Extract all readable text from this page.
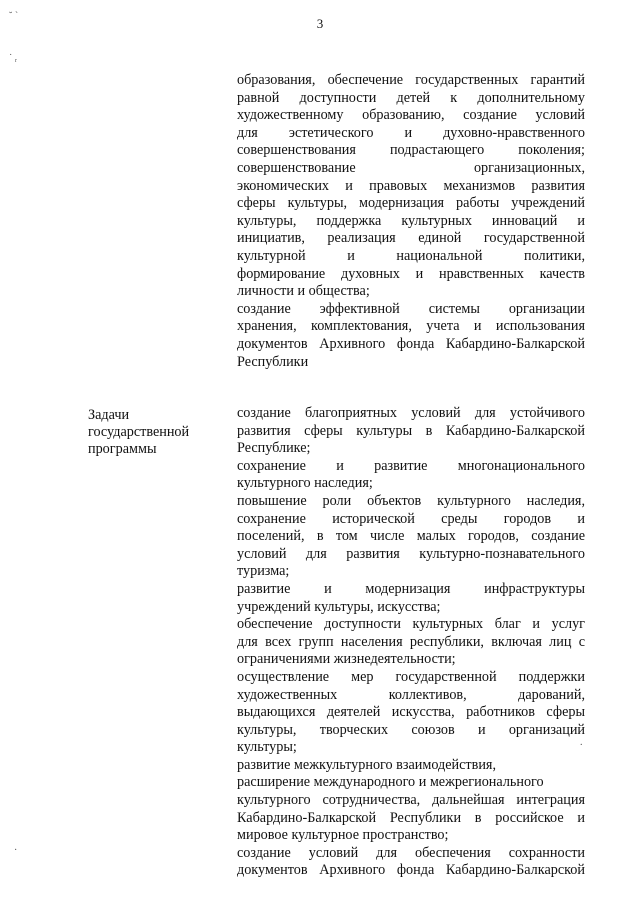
3
˘ ˋ
˙ ᵣ
·
.
образования, обеспечение государственных гарантий
равной доступности детей к дополнительному
художественному образованию, создание условий
для эстетического и духовно-нравственного
совершенствования подрастающего поколения;
совершенствование организационных,
экономических и правовых механизмов развития
сферы культуры, модернизация работы учреждений
культуры, поддержка культурных инноваций и
инициатив, реализация единой государственной
культурной и национальной политики,
формирование духовных и нравственных качеств
личности и общества;
создание эффективной системы организации
хранения, комплектования, учета и использования
документов Архивного фонда Кабардино-Балкарской
Республики
Задачи
государственной
программы
создание благоприятных условий для устойчивого
развития сферы культуры в Кабардино-Балкарской
Республике;
сохранение и развитие многонационального
культурного наследия;
повышение роли объектов культурного наследия,
сохранение исторической среды городов и
поселений, в том числе малых городов, создание
условий для развития культурно-познавательного
туризма;
развитие и модернизация инфраструктуры
учреждений культуры, искусства;
обеспечение доступности культурных благ и услуг
для всех групп населения республики, включая лиц с
ограничениями жизнедеятельности;
осуществление мер государственной поддержки
художественных коллективов, дарований,
выдающихся деятелей искусства, работников сферы
культуры, творческих союзов и организаций
культуры;
развитие межкультурного взаимодействия,
расширение международного и межрегионального
культурного сотрудничества, дальнейшая интеграция
Кабардино-Балкарской Республики в российское и
мировое культурное пространство;
создание условий для обеспечения сохранности
документов Архивного фонда Кабардино-Балкарской
